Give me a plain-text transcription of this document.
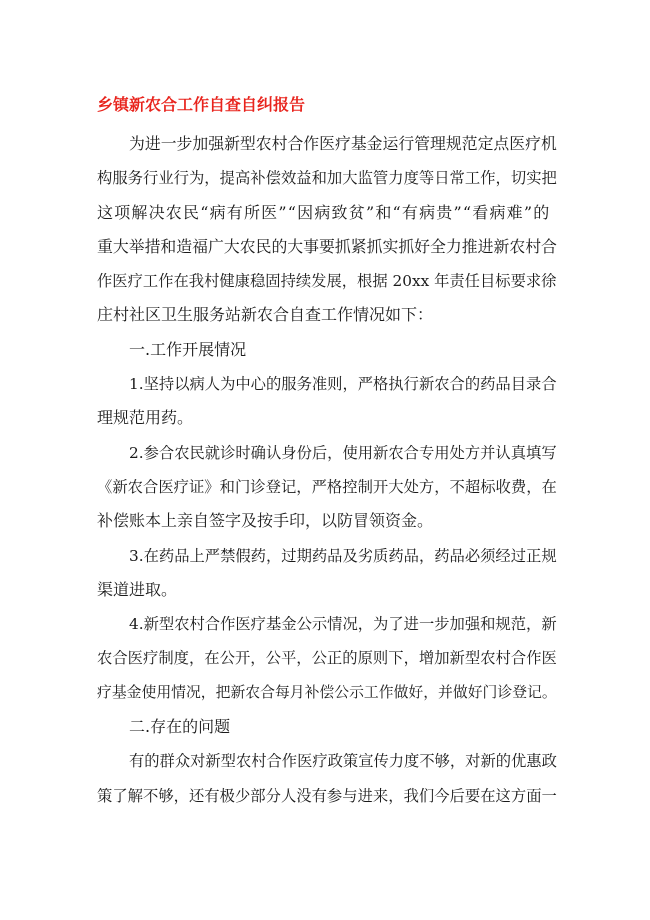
乡镇新农合工作自查自纠报告
为进一步加强新型农村合作医疗基金运行管理规范定点医疗机
构服务行业行为，提高补偿效益和加大监管力度等日常工作，切实把
这项解决农民“病有所医”“因病致贫”和“有病贵”“看病难”的
重大举措和造福广大农民的大事要抓紧抓实抓好全力推进新农村合
作医疗工作在我村健康稳固持续发展，根据 20xx 年责任目标要求徐
庄村社区卫生服务站新农合自查工作情况如下：
一.工作开展情况
1.坚持以病人为中心的服务准则，严格执行新农合的药品目录合
理规范用药。
2.参合农民就诊时确认身份后，使用新农合专用处方并认真填写
《新农合医疗证》和门诊登记，严格控制开大处方，不超标收费，在
补偿账本上亲自签字及按手印，以防冒领资金。
3.在药品上严禁假药，过期药品及劣质药品，药品必须经过正规
渠道进取。
4.新型农村合作医疗基金公示情况，为了进一步加强和规范，新
农合医疗制度，在公开，公平，公正的原则下，增加新型农村合作医
疗基金使用情况，把新农合每月补偿公示工作做好，并做好门诊登记。
二.存在的问题
有的群众对新型农村合作医疗政策宣传力度不够，对新的优惠政
策了解不够，还有极少部分人没有参与进来，我们今后要在这方面一
